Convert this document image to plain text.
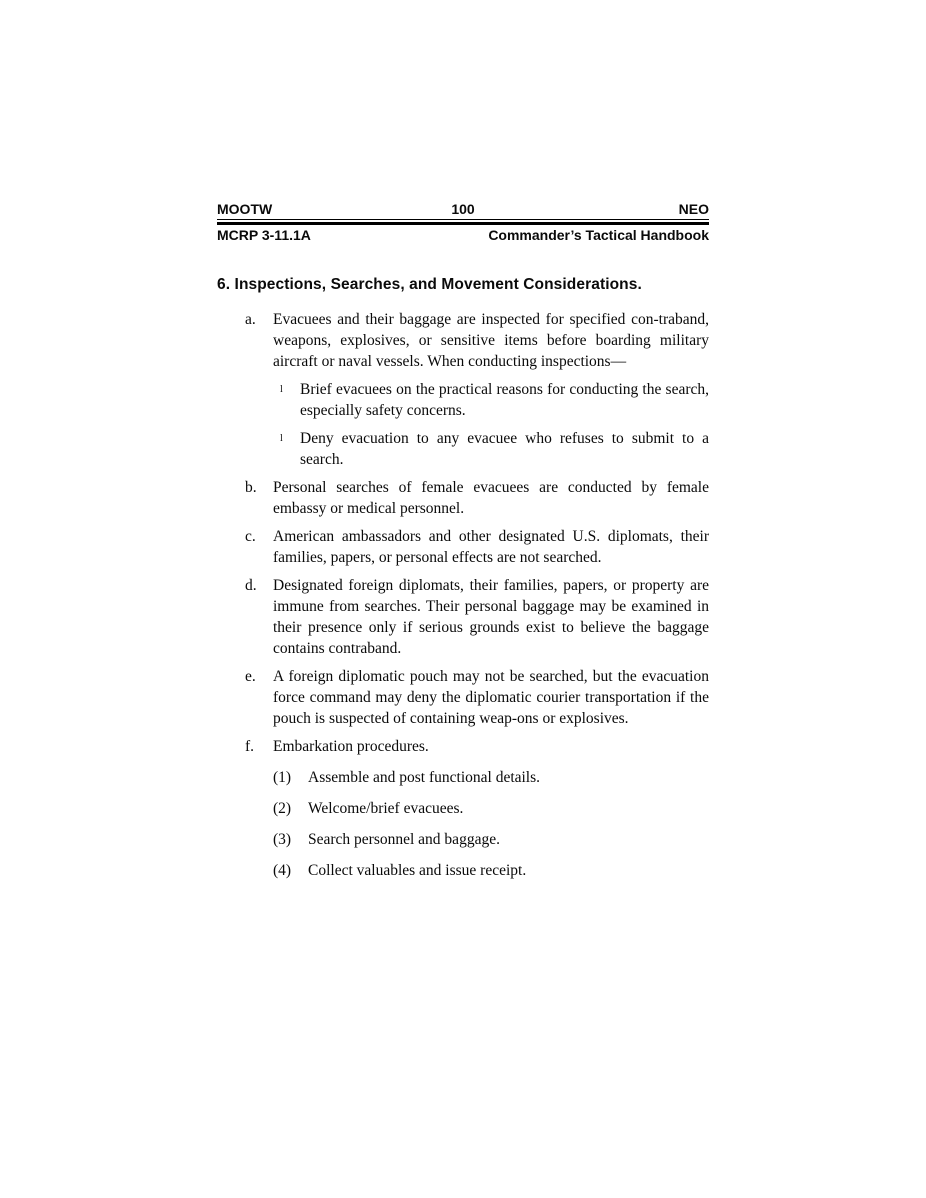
MOOTW	100	NEO
MCRP 3-11.1A	Commander’s Tactical Handbook
6. Inspections, Searches, and Movement Considerations.
a.	Evacuees and their baggage are inspected for specified con-traband, weapons, explosives, or sensitive items before boarding military aircraft or naval vessels. When conducting inspections—
l	Brief evacuees on the practical reasons for conducting the search, especially safety concerns.
l	Deny evacuation to any evacuee who refuses to submit to a search.
b.	Personal searches of female evacuees are conducted by female embassy or medical personnel.
c.	American ambassadors and other designated U.S. diplomats, their families, papers, or personal effects are not searched.
d.	Designated foreign diplomats, their families, papers, or property are immune from searches. Their personal baggage may be examined in their presence only if serious grounds exist to believe the baggage contains contraband.
e.	A foreign diplomatic pouch may not be searched, but the evacuation force command may deny the diplomatic courier transportation if the pouch is suspected of containing weap-ons or explosives.
f.	Embarkation procedures.
(1)	Assemble and post functional details.
(2)	Welcome/brief evacuees.
(3)	Search personnel and baggage.
(4)	Collect valuables and issue receipt.
